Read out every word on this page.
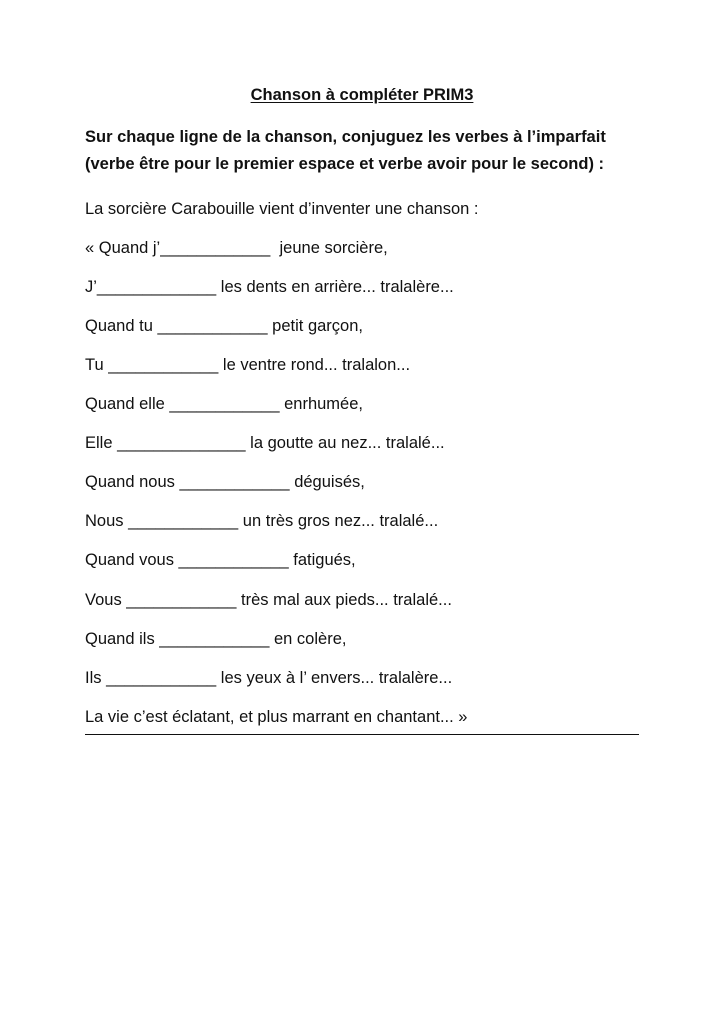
Chanson à compléter PRIM3
Sur chaque ligne de la chanson, conjuguez les verbes à l’imparfait
(verbe être pour le premier espace et verbe avoir pour le second) :
La sorcière Carabouille vient d’inventer une chanson :
« Quand j’____________  jeune sorcière,
J’_____________ les dents en arrière... tralalère...
Quand tu ____________ petit garçon,
Tu ____________ le ventre rond... tralalon...
Quand elle ____________ enrhumée,
Elle ______________ la goutte au nez... tralalé...
Quand nous ____________ déguisés,
Nous ____________ un très gros nez... tralalé...
Quand vous ____________ fatigués,
Vous ____________ très mal aux pieds... tralalé...
Quand ils ____________ en colère,
Ils ____________ les yeux à l’ envers... tralalère...
La vie c’est éclatant, et plus marrant en chantant... »
